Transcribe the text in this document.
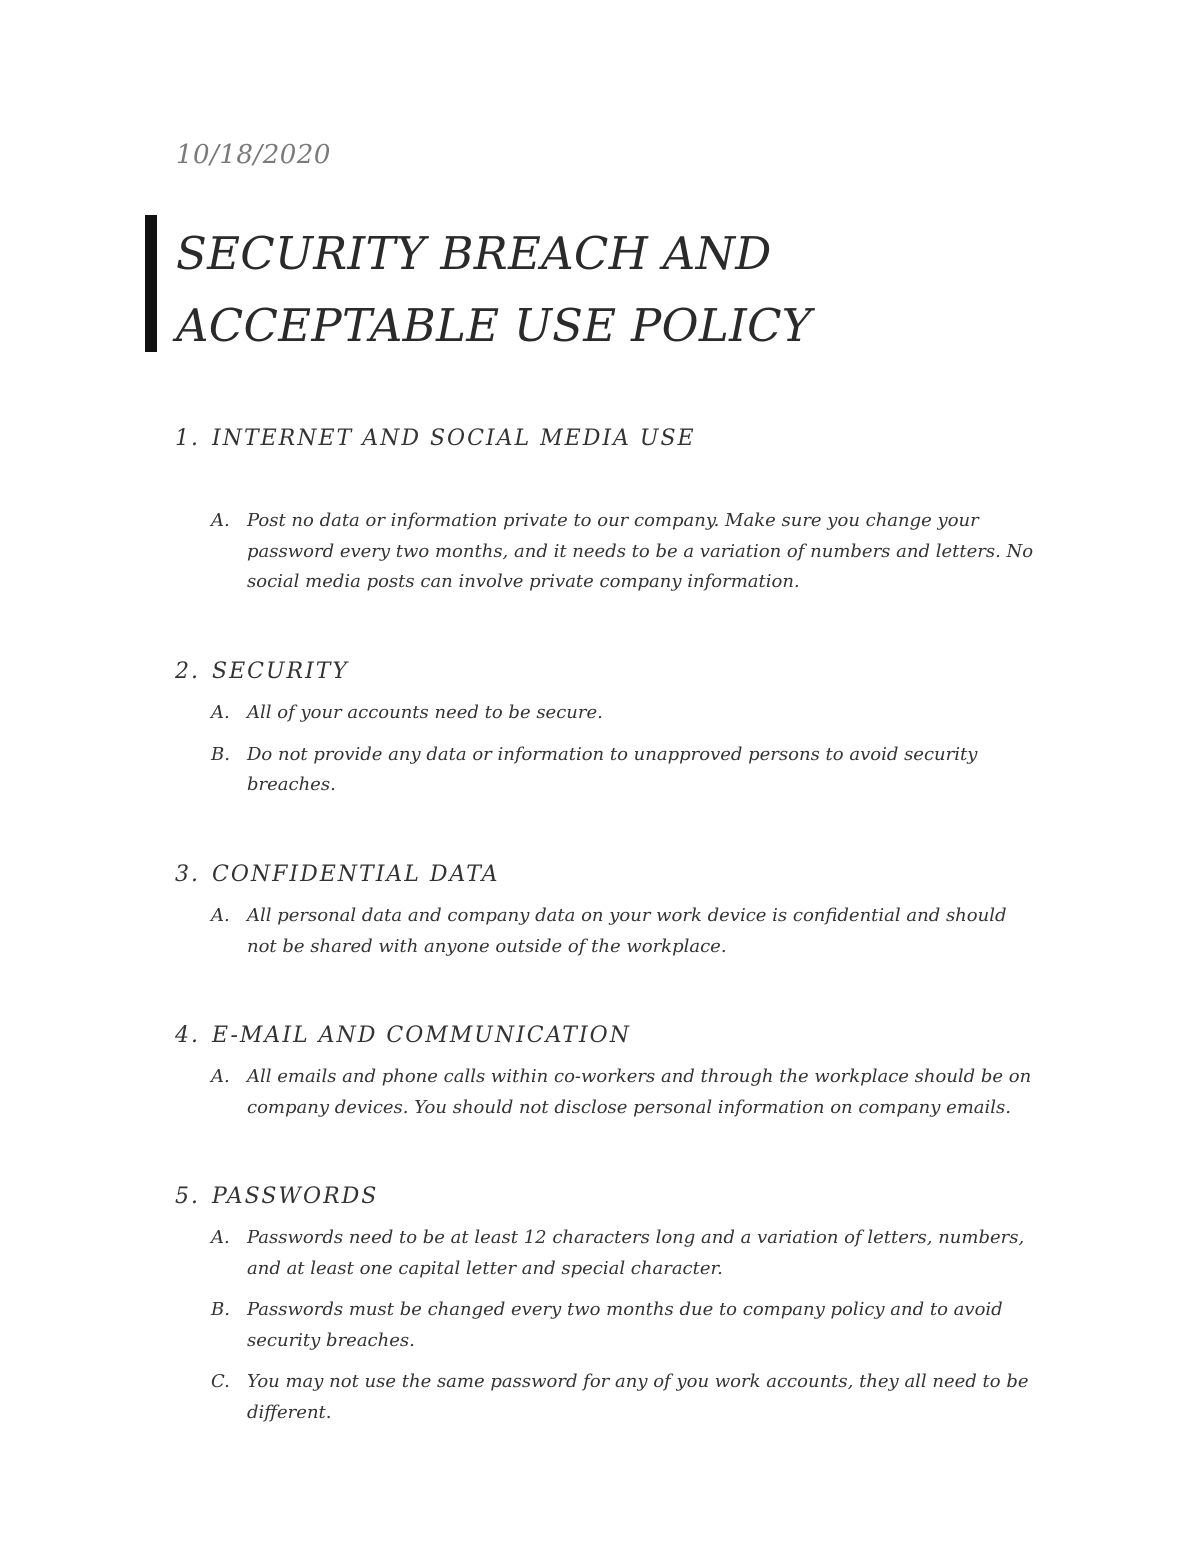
10/18/2020
SECURITY BREACH AND
ACCEPTABLE USE POLICY
1. INTERNET AND SOCIAL MEDIA USE
A. Post no data or information private to our company. Make sure you change your password every two months, and it needs to be a variation of numbers and letters. No social media posts can involve private company information.
2. SECURITY
A. All of your accounts need to be secure.
B. Do not provide any data or information to unapproved persons to avoid security breaches.
3. CONFIDENTIAL DATA
A. All personal data and company data on your work device is confidential and should not be shared with anyone outside of the workplace.
4. E-MAIL AND COMMUNICATION
A. All emails and phone calls within co-workers and through the workplace should be on company devices. You should not disclose personal information on company emails.
5. PASSWORDS
A. Passwords need to be at least 12 characters long and a variation of letters, numbers, and at least one capital letter and special character.
B. Passwords must be changed every two months due to company policy and to avoid security breaches.
C. You may not use the same password for any of you work accounts, they all need to be different.
